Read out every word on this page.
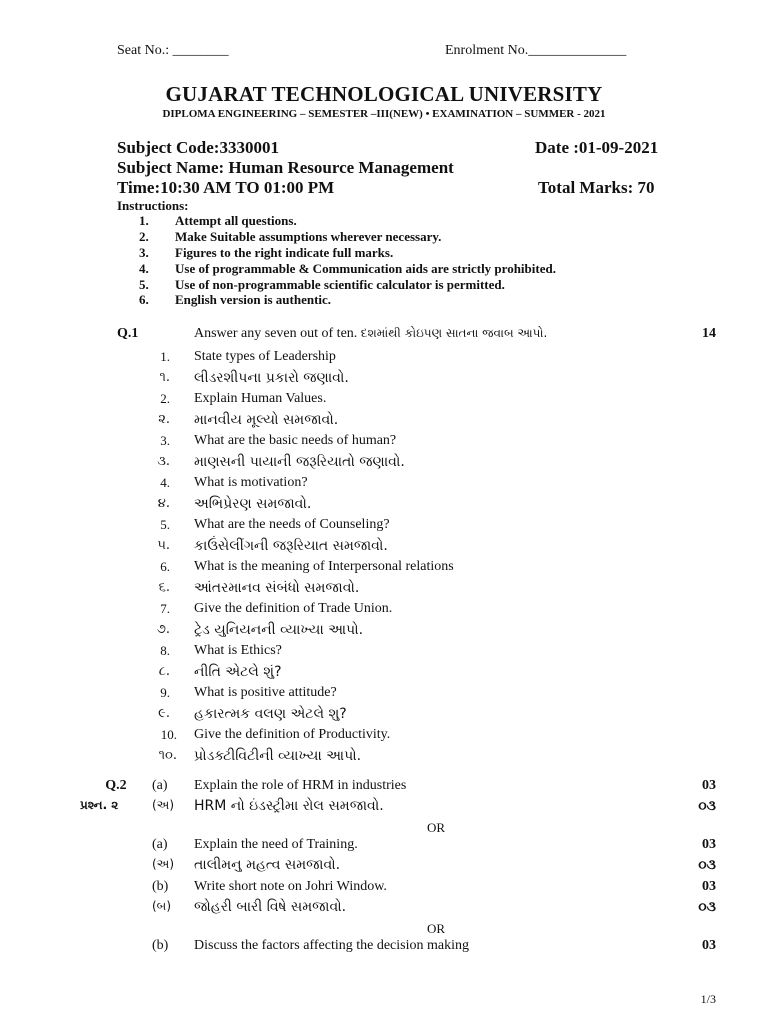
Seat No.: ________	Enrolment No.______________
GUJARAT TECHNOLOGICAL UNIVERSITY
DIPLOMA ENGINEERING – SEMESTER –III(NEW) • EXAMINATION – SUMMER - 2021
Subject Code:3330001	Date :01-09-2021
Subject Name: Human Resource Management
Time:10:30 AM TO 01:00 PM	Total Marks: 70
Instructions:
1.	Attempt all questions.
2.	Make Suitable assumptions wherever necessary.
3.	Figures to the right indicate full marks.
4.	Use of programmable & Communication aids are strictly prohibited.
5.	Use of non-programmable scientific calculator is permitted.
6.	English version is authentic.
Q.1	Answer any seven out of ten. દશમાંથી કોઇપણ સાતના જવાબ આપો.	14
1. State types of Leadership
૧. લીડરશીપના પ્રકારો જણાવો.
2. Explain Human Values.
૨. માનવીય મૂલ્યો સમજાવો.
3. What are the basic needs of human?
૩. માણસની પાયાની જરૂરિયાતો જણાવો.
4. What is motivation?
૪. અભિપ્રેરણ સમજાવો.
5. What are the needs of Counseling?
૫. કાઉંસેલીંગની જરૂરિયાત સમજાવો.
6. What is the meaning of Interpersonal relations
૬. આંતરમાનવ સંબંધો સમજાવો.
7. Give the definition of Trade Union.
૭. ટ્રેડ યુનિયનની વ્યાખ્યા આપો.
8. What is Ethics?
૮. નીતિ એટલે શું?
9. What is positive attitude?
૯. હકારત્મક વલણ એટલે શુ?
10. Give the definition of Productivity.
૧૦. પ્રોડક્ટીવિટીની વ્યાખ્યા આપો.
Q.2
પ્રશ્ન. ૨
(a) Explain the role of HRM in industries	03
(અ) HRM નો ઇંડસ્ટ્રીમા રોલ સમજાવો.	૦૩
OR
(a) Explain the need of Training.	03
(અ) તાલીમનુ મહત્વ સમજાવો.	૦૩
(b) Write short note on Johri Window.	03
(બ) જોહરી બારી વિષે સમજાવો.	૦૩
OR
(b) Discuss the factors affecting the decision making	03
1/3
